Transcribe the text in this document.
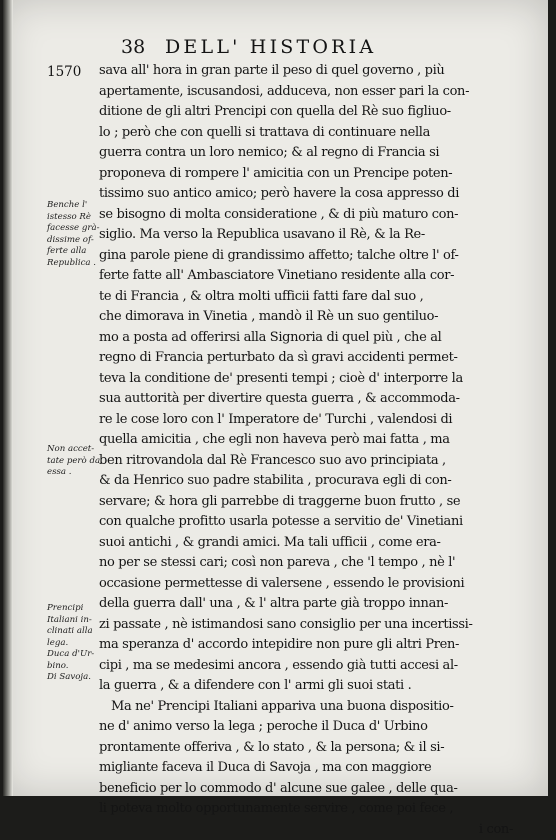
38 DELL' HISTORIA
1570 sava all' hora in gran parte il peso di quel governo , più
apertamente, iscusandosi, adduceva, non esser pari la con-
ditione de gli altri Prencipi con quella del Rè suo figliuo-
lo ; però che con quelli si trattava di continuare nella
guerra contra un loro nemico; & al regno di Francia si
proponeva di rompere l' amicitia con un Prencipe poten-
tissimo suo antico amico; però havere la cosa appresso di
se bisogno di molta consideratione , & di più maturo con-
siglio. Ma verso la Republica usavano il Rè, & la Re-
gina parole piene di grandissimo affetto; talche oltre l' of-
ferte fatte all' Ambasciatore Vinetiano residente alla cor-
te di Francia , & oltra molti ufficii fatti fare dal suo ,
che dimorava in Vinetia , mandò il Rè un suo gentiluo-
mo a posta ad offerirsi alla Signoria di quel più , che al
regno di Francia perturbato da sì gravi accidenti permet-
teva la conditione de' presenti tempi ; cioè d' interporre la
sua auttorità per divertire questa guerra , & accommoda-
re le cose loro con l' Imperatore de' Turchi , valendosi di
quella amicitia , che egli non haveva però mai fatta , ma
ben ritrovandola dal Rè Francesco suo avo principiata ,
& da Henrico suo padre stabilita , procurava egli di con-
servare; & hora gli parrebbe di traggerne buon frutto , se
con qualche profitto usarla potesse a servitio de' Vinetiani
suoi antichi , & grandi amici. Ma tali ufficii , come era-
no per se stessi cari; così non pareva , che 'l tempo , nè l'
occasione permettesse di valersene , essendo le provisioni
della guerra dall' una , & l' altra parte già troppo innan-
zi passate , nè istimandosi sano consiglio per una incertissi-
ma speranza d' accordo intepidire non pure gli altri Pren-
cipi , ma se medesimi ancora , essendo già tutti accesi al-
la guerra , & a difendere con l' armi gli suoi stati .
Ma ne' Prencipi Italiani appariva una buona dispositio-
ne d' animo verso la lega ; peroche il Duca d' Urbino
prontamente offeriva , & lo stato , & la persona; & il si-
migliante faceva il Duca di Savoja , ma con maggiore
beneficio per lo commodo d' alcune sue galee , delle qua-
li poteva molto opportunamente servire , come poi fece ,
i con-
Benche l'
istesso Rè
facesse grà-
dissime of-
ferte alla
Republica .
Non accet-
tate però da
essa .
Prencipi
Italiani in-
clinati alla
lega.
Duca d'Ur-
bino.
Di Savoja.
